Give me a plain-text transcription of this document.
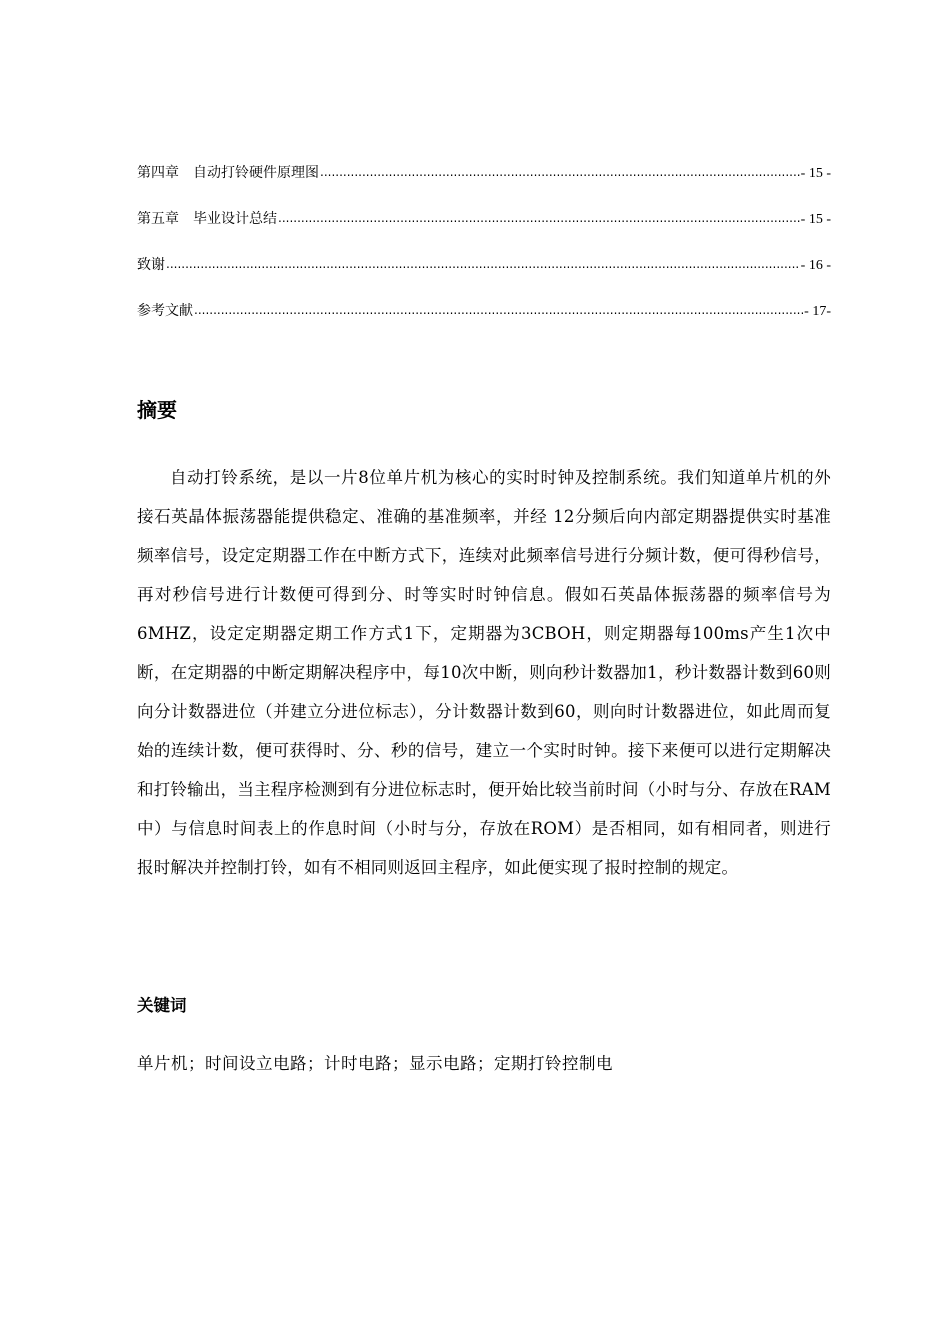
第四章　自动打铃硬件原理图 .....	- 15 -
第五章　毕业设计总结 .....	- 15 -
致谢 .....	- 16 -
参考文献 .....	- 17-
摘要

自动打铃系统，是以一片8位单片机为核心的实时时钟及控制系统。我们知道单片机的外接石英晶体振荡器能提供稳定、准确的基准频率，并经 12分频后向内部定期器提供实时基准频率信号，设定定期器工作在中断方式下，连续对此频率信号进行分频计数，便可得秒信号，再对秒信号进行计数便可得到分、时等实时时钟信息。假如石英晶体振荡器的频率信号为6MHZ，设定定期器定期工作方式1下，定期器为3CBOH，则定期器每100ms产生1次中断，在定期器的中断定期解决程序中，每10次中断，则向秒计数器加1，秒计数器计数到60则向分计数器进位（并建立分进位标志），分计数器计数到60，则向时计数器进位，如此周而复始的连续计数，便可获得时、分、秒的信号，建立一个实时时钟。接下来便可以进行定期解决和打铃输出，当主程序检测到有分进位标志时，便开始比较当前时间（小时与分、存放在RAM中）与信息时间表上的作息时间（小时与分，存放在ROM）是否相同，如有相同者，则进行报时解决并控制打铃，如有不相同则返回主程序，如此便实现了报时控制的规定。

关键词

单片机；时间设立电路；计时电路；显示电路；定期打铃控制电
